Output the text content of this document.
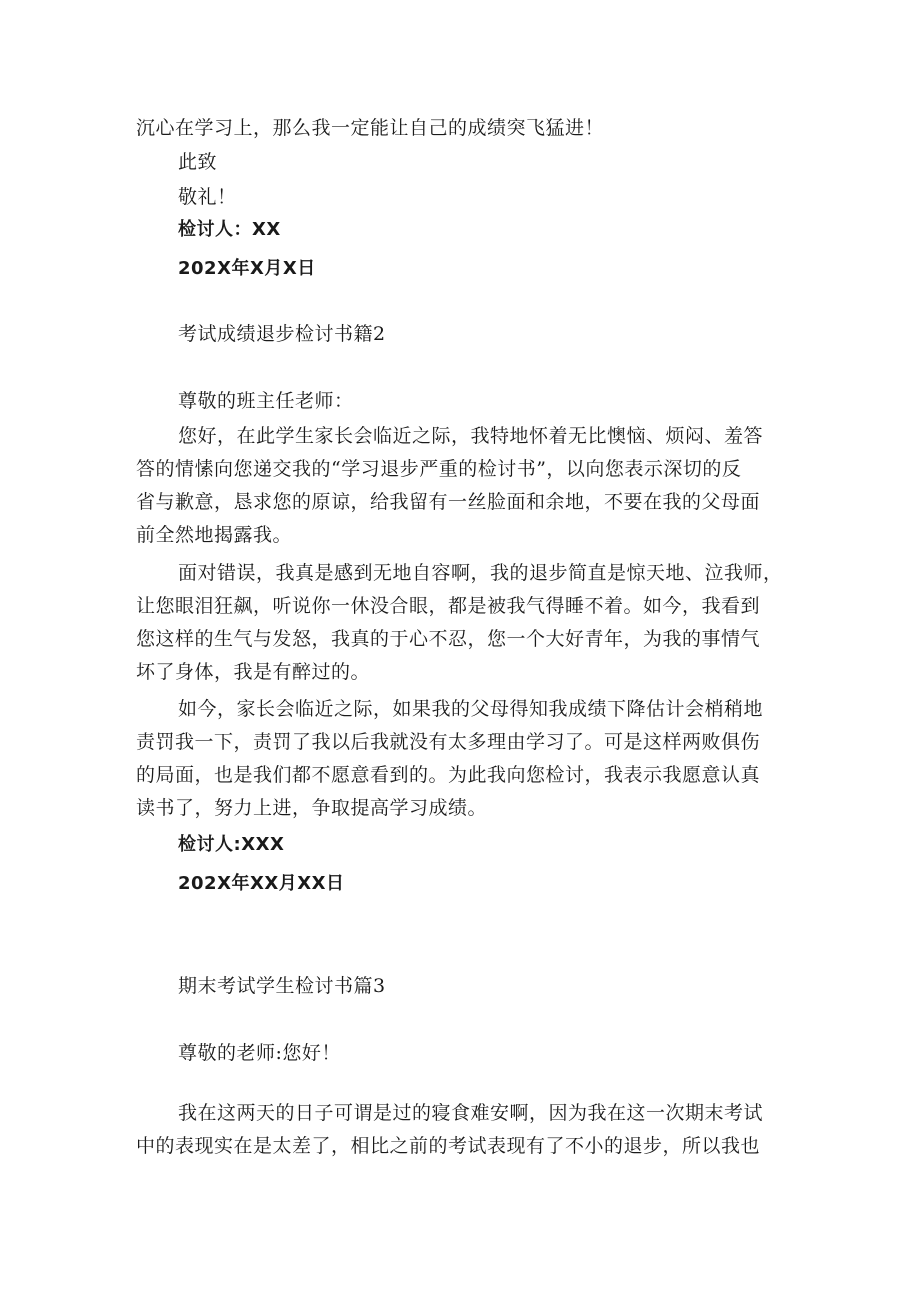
沉心在学习上，那么我一定能让自己的成绩突飞猛进！
此致
敬礼！
检讨人：XX
202X年X月X日
考试成绩退步检讨书籍2
尊敬的班主任老师：
您好，在此学生家长会临近之际，我特地怀着无比懊恼、烦闷、羞答
答的情愫向您递交我的“学习退步严重的检讨书”，以向您表示深切的反
省与歉意，恳求您的原谅，给我留有一丝脸面和余地，不要在我的父母面
前全然地揭露我。
面对错误，我真是感到无地自容啊，我的退步简直是惊天地、泣我师，
让您眼泪狂飙，听说你一休没合眼，都是被我气得睡不着。如今，我看到
您这样的生气与发怒，我真的于心不忍，您一个大好青年，为我的事情气
坏了身体，我是有醉过的。
如今，家长会临近之际，如果我的父母得知我成绩下降估计会梢稍地
责罚我一下，责罚了我以后我就没有太多理由学习了。可是这样两败俱伤
的局面，也是我们都不愿意看到的。为此我向您检讨，我表示我愿意认真
读书了，努力上进，争取提高学习成绩。
检讨人:XXX
202X年XX月XX日
期末考试学生检讨书篇3
尊敬的老师:您好！
我在这两天的日子可谓是过的寝食难安啊，因为我在这一次期末考试
中的表现实在是太差了，相比之前的考试表现有了不小的退步，所以我也
